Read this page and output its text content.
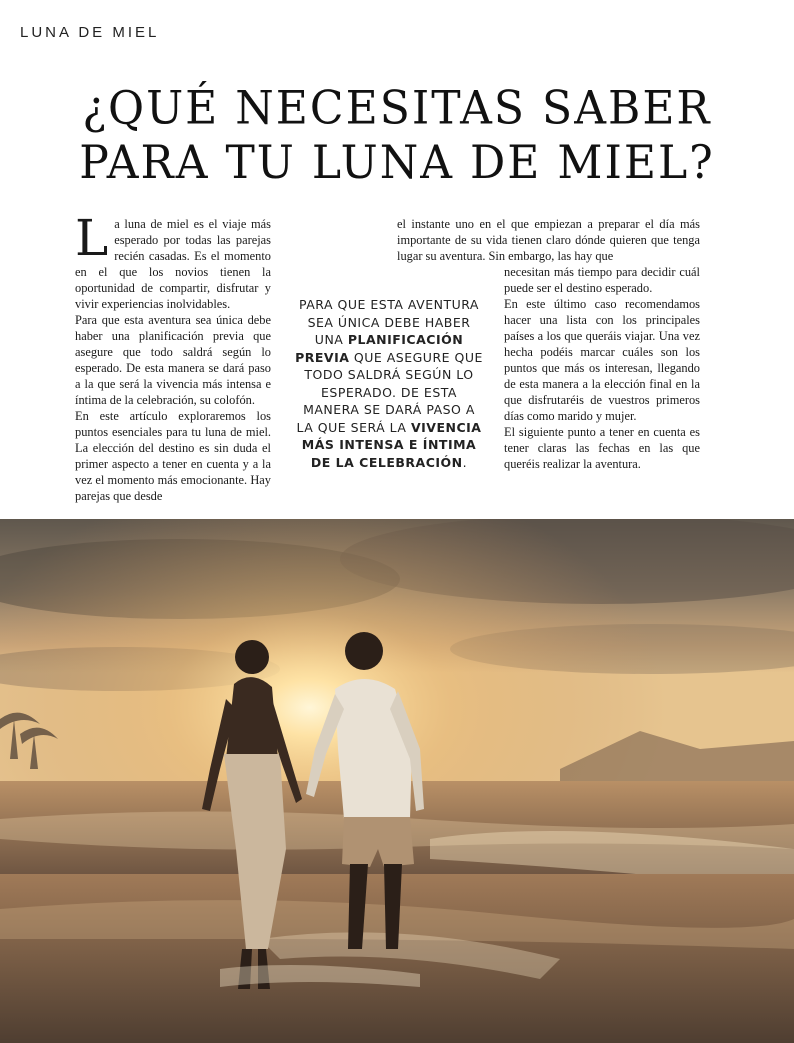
LUNA DE MIEL
¿QUÉ NECESITAS SABER
PARA TU LUNA DE MIEL?

La luna de miel es el viaje más esperado por todas las parejas recién casadas. Es el momento en el que los novios tienen la oportunidad de compartir, disfrutar y vivir experiencias inolvidables.

Para que esta aventura sea única debe haber una planificación previa que asegure que todo saldrá según lo esperado. De esta manera se dará paso a la que será la vivencia más intensa e íntima de la celebración, su colofón.

En este artículo exploraremos los puntos esenciales para tu luna de miel. La elección del destino es sin duda el primer aspecto a tener en cuenta y a la vez el momento más emocionante. Hay parejas que desde

el instante uno en el que empiezan a preparar el día más importante de su vida tienen claro dónde quieren que tenga lugar su aventura. Sin embargo, las hay que

necesitan más tiempo para decidir cuál puede ser el destino esperado.

En este último caso recomendamos hacer una lista con los principales países a los que queráis viajar. Una vez hecha podéis marcar cuáles son los puntos que más os interesan, llegando de esta manera a la elección final en la que disfrutaréis de vuestros primeros días como marido y mujer.

El siguiente punto a tener en cuenta es tener claras las fechas en las que queréis realizar la aventura.

PARA QUE ESTA AVENTURA SEA ÚNICA DEBE HABER UNA PLANIFICACIÓN PREVIA QUE ASEGURE QUE TODO SALDRÁ SEGÚN LO ESPERADO. DE ESTA MANERA SE DARÁ PASO A LA QUE SERÁ LA VIVENCIA MÁS INTENSA E ÍNTIMA DE LA CELEBRACIÓN.
